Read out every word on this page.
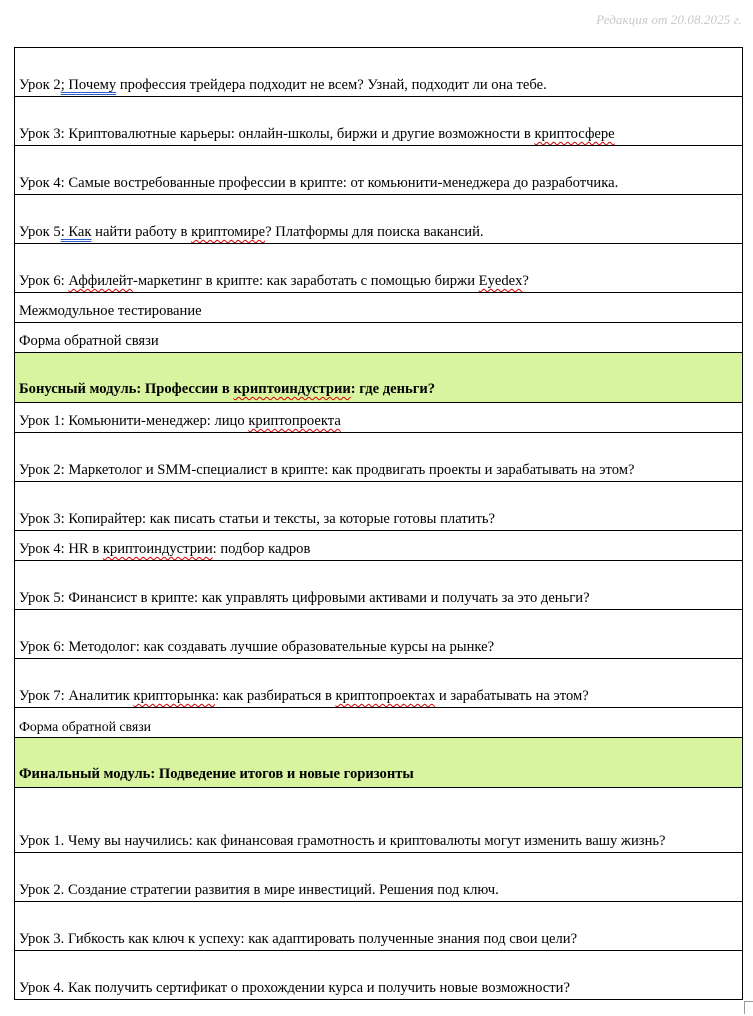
Редакция от 20.08.2025 г.
Урок 2; Почему профессия трейдера подходит не всем? Узнай, подходит ли она тебе.
Урок 3: Криптовалютные карьеры: онлайн-школы, биржи и другие возможности в криптосфере
Урок 4: Самые востребованные профессии в крипте: от комьюнити-менеджера до разработчика.
Урок 5: Как найти работу в криптомире? Платформы для поиска вакансий.
Урок 6: Аффилейт-маркетинг в крипте: как заработать с помощью биржи Eyedex?
Межмодульное тестирование
Форма обратной связи
Бонусный модуль: Профессии в криптоиндустрии: где деньги?
Урок 1: Комьюнити-менеджер: лицо криптопроекта
Урок 2: Маркетолог и SMM-специалист в крипте: как продвигать проекты и зарабатывать на этом?
Урок 3: Копирайтер: как писать статьи и тексты, за которые готовы платить?
Урок 4: HR в криптоиндустрии: подбор кадров
Урок 5: Финансист в крипте: как управлять цифровыми активами и получать за это деньги?
Урок 6: Методолог: как создавать лучшие образовательные курсы на рынке?
Урок 7: Аналитик крипторынка: как разбираться в криптопроектах и зарабатывать на этом?
Форма обратной связи
Финальный модуль: Подведение итогов и новые горизонты
Урок 1. Чему вы научились: как финансовая грамотность и криптовалюты могут изменить вашу жизнь?
Урок 2. Создание стратегии развития в мире инвестиций. Решения под ключ.
Урок 3. Гибкость как ключ к успеху: как адаптировать полученные знания под свои цели?
Урок 4. Как получить сертификат о прохождении курса и получить новые возможности?
